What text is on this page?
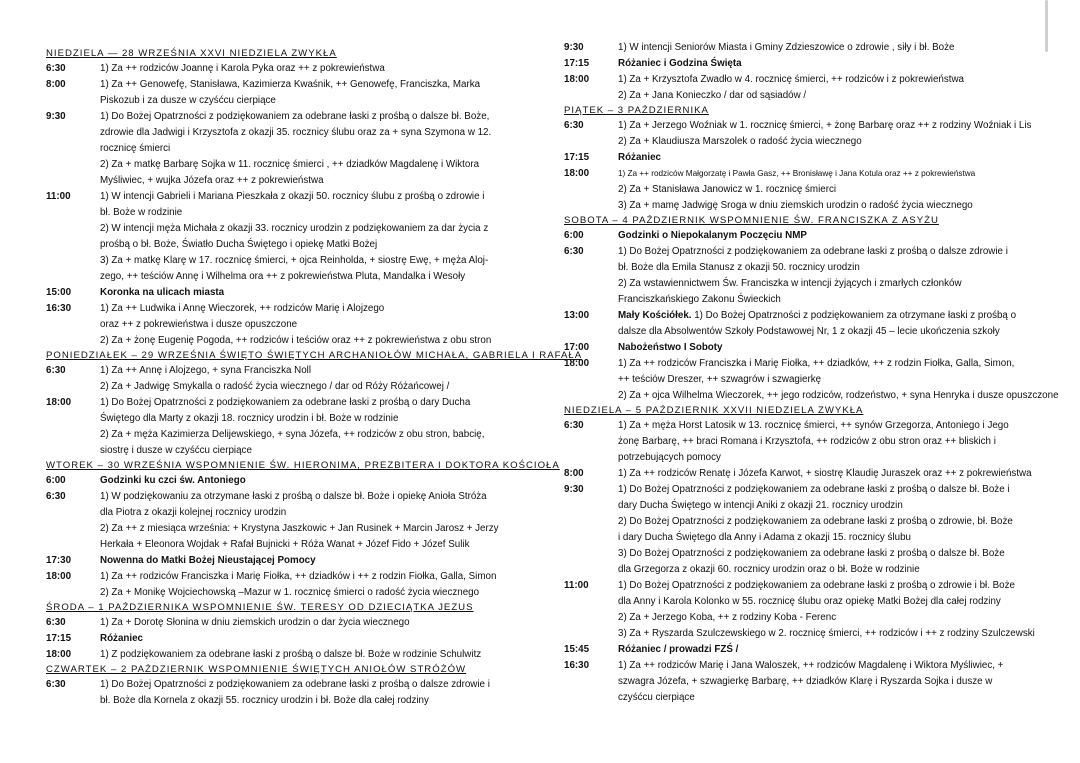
NIEDZIELA — 28 WRZEŚNIA XXVI NIEDZIELA ZWYKŁA
6:30	1) Za ++ rodziców Joannę i Karola Pyka oraz ++ z pokrewieństwa
8:00	1) Za ++ Genowefę, Stanisława, Kazimierza Kwaśnik, ++ Genowefę, Franciszka, Marka
Piskozub i za dusze w czyśćcu cierpiące
9:30	1) Do Bożej Opatrzności z podziękowaniem za odebrane łaski z prośbą o dalsze bł. Boże,
zdrowie dla Jadwigi i Krzysztofa z okazji 35. rocznicy ślubu oraz za + syna Szymona w 12.
rocznicę śmierci
2) Za + matkę Barbarę Sojka w 11. rocznicę śmierci , ++ dziadków Magdalenę i Wiktora
Myśliwiec, + wujka Józefa oraz ++ z pokrewieństwa
11:00	1) W intencji Gabrieli i Mariana Pieszkała z okazji 50. rocznicy ślubu z prośbą o zdrowie i
bł. Boże w rodzinie
2) W intencji męża Michała z okazji 33. rocznicy urodzin z podziękowaniem za dar życia z
prośbą o bł. Boże, Światło Ducha Świętego i opiekę Matki Bożej
3) Za + matkę Klarę w 17. rocznicę śmierci, + ojca Reinholda, + siostrę Ewę, + męża Aloj-
zego, ++ teściów Annę i Wilhelma ora ++ z pokrewieństwa Pluta, Mandalka i Wesoły
15:00	Koronka na ulicach miasta
16:30	1) Za ++ Ludwika i Annę Wieczorek, ++ rodziców Marię i Alojzego
oraz ++ z pokrewieństwa i dusze opuszczone
2) Za + żonę Eugenię Pogoda, ++ rodziców i teściów oraz ++ z pokrewieństwa z obu stron
PONIEDZIAŁEK – 29 WRZEŚNIA ŚWIĘTO ŚWIĘTYCH ARCHANIOŁÓW MICHAŁA, GABRIELA I RAFAŁA
6:30	1) Za ++ Annę i Alojzego, + syna Franciszka Noll
2) Za + Jadwigę Smykalla o radość życia wiecznego / dar od Róży Różańcowej /
18:00	1) Do Bożej Opatrzności z podziękowaniem za odebrane łaski z prośbą o dary Ducha
Świętego dla Marty z okazji 18. rocznicy urodzin i bł. Boże w rodzinie
2) Za + męża Kazimierza Delijewskiego, + syna Józefa, ++ rodziców z obu stron, babcię,
siostrę i dusze w czyśćcu cierpiące
WTOREK – 30 WRZEŚNIA WSPOMNIENIE ŚW. HIERONIMA, PREZBITERA I DOKTORA KOŚCIOŁA
6:00	Godzinki ku czci św. Antoniego
6:30	1) W podziękowaniu za otrzymane łaski z prośbą o dalsze bł. Boże i opiekę Anioła Stróża
dla Piotra z okazji kolejnej rocznicy urodzin
2) Za ++ z miesiąca września: + Krystyna Jaszkowic + Jan Rusinek + Marcin Jarosz + Jerzy
Herkała + Eleonora Wojdak + Rafał Bujnicki + Róża Wanat + Józef Fido + Józef Sulik
17:30	Nowenna do Matki Bożej Nieustającej Pomocy
18:00	1) Za ++ rodziców Franciszka i Marię Fiołka, ++ dziadków i ++ z rodzin Fiołka, Galla, Simon
2) Za + Monikę Wojciechowską –Mazur w 1. rocznicę śmierci o radość życia wiecznego
ŚRODA – 1 PAŹDZIERNIKA WSPOMNIENIE ŚW. TERESY OD DZIECIĄTKA JEZUS
6:30	1) Za + Dorotę Słonina w dniu ziemskich urodzin o dar życia wiecznego
17:15	Różaniec
18:00	1) Z podziękowaniem za odebrane łaski z prośbą o dalsze bł. Boże w rodzinie Schulwitz
CZWARTEK – 2 PAŹDZIERNIK WSPOMNIENIE ŚWIĘTYCH ANIOŁÓW STRÓŻÓW
6:30	1) Do Bożej Opatrzności z podziękowaniem za odebrane łaski z prośbą o dalsze zdrowie i
bł. Boże dla Kornela z okazji 55. rocznicy urodzin i bł. Boże dla całej rodziny
9:30	1) W intencji Seniorów Miasta i Gminy Zdzieszowice o zdrowie , siły i bł. Boże
17:15	Różaniec i Godzina Święta
18:00	1) Za + Krzysztofa Zwadło w 4. rocznicę śmierci, ++ rodziców i z pokrewieństwa
2) Za + Jana Konieczko / dar od sąsiadów /
PIĄTEK – 3 PAŹDZIERNIKA
6:30	1) Za + Jerzego Woźniak w 1. rocznicę śmierci, + żonę Barbarę oraz ++ z rodziny Woźniak i Lis
2) Za + Klaudiusza Marszolek o radość życia wiecznego
17:15	Różaniec
18:00	1) Za ++ rodziców Małgorzatę i Pawła Gasz, ++ Bronisławę i Jana Kotula oraz ++ z pokrewieństwa
2) Za + Stanisława Janowicz w 1. rocznicę śmierci
3) Za + mamę Jadwigę Sroga w dniu ziemskich urodzin o radość życia wiecznego
SOBOTA – 4 PAŹDZIERNIK WSPOMNIENIE ŚW. FRANCISZKA Z ASYŻU
6:00	Godzinki o Niepokalanym Poczęciu NMP
6:30	1) Do Bożej Opatrzności z podziękowaniem za odebrane łaski z prośbą o dalsze zdrowie i
bł. Boże dla Emila Stanusz z okazji 50. rocznicy urodzin
2) Za wstawiennictwem Św. Franciszka w intencji żyjących i zmarłych członków
Franciszkańskiego Zakonu Świeckich
13:00	Mały Kościółek. 1) Do Bożej Opatrzności z podziękowaniem za otrzymane łaski z prośbą o
dalsze dla Absolwentów Szkoły Podstawowej Nr, 1 z okazji 45 – lecie ukończenia szkoły
17:00	Nabożeństwo I Soboty
18:00	1) Za ++ rodziców Franciszka i Marię Fiołka, ++ dziadków, ++ z rodzin Fiołka, Galla, Simon,
++ teściów Dreszer, ++ szwagrów i szwagierkę
2) Za + ojca Wilhelma Wieczorek, ++ jego rodziców, rodzeństwo, + syna Henryka i dusze opuszczone
NIEDZIELA – 5 PAŹDZIERNIK XXVII NIEDZIELA ZWYKŁA
6:30	1) Za + męża Horst Latosik w 13. rocznicę śmierci, ++ synów Grzegorza, Antoniego i Jego
żonę Barbarę, ++ braci Romana i Krzysztofa, ++ rodziców z obu stron oraz ++ bliskich i
potrzebujących pomocy
8:00	1) Za ++ rodziców Renatę i Józefa Karwot, + siostrę Klaudię Juraszek oraz ++ z pokrewieństwa
9:30	1) Do Bożej Opatrzności z podziękowaniem za odebrane łaski z prośbą o dalsze bł. Boże i
dary Ducha Świętego w intencji Aniki z okazji 21. rocznicy urodzin
2) Do Bożej Opatrzności z podziękowaniem za odebrane łaski z prośbą o zdrowie, bł. Boże
i dary Ducha Świętego dla Anny i Adama z okazji 15. rocznicy ślubu
3) Do Bożej Opatrzności z podziękowaniem za odebrane łaski z prośbą o dalsze bł. Boże
dla Grzegorza z okazji 60. rocznicy urodzin oraz o bł. Boże w rodzinie
11:00	1) Do Bożej Opatrzności z podziękowaniem za odebrane łaski z prośbą o zdrowie i bł. Boże
dla Anny i Karola Kolonko w 55. rocznicę ślubu oraz opiekę Matki Bożej dla całej rodziny
2) Za + Jerzego Koba, ++ z rodziny Koba - Ferenc
3) Za + Ryszarda Szulczewskiego w 2. rocznicę śmierci, ++ rodziców i ++ z rodziny Szulczewski
15:45	Różaniec / prowadzi FZŚ /
16:30	1) Za ++ rodziców Marię i Jana Waloszek, ++ rodziców Magdalenę i Wiktora Myśliwiec, +
szwagra Józefa, + szwagierkę Barbarę, ++ dziadków Klarę i Ryszarda Sojka i dusze w
czyśćcu cierpiące
